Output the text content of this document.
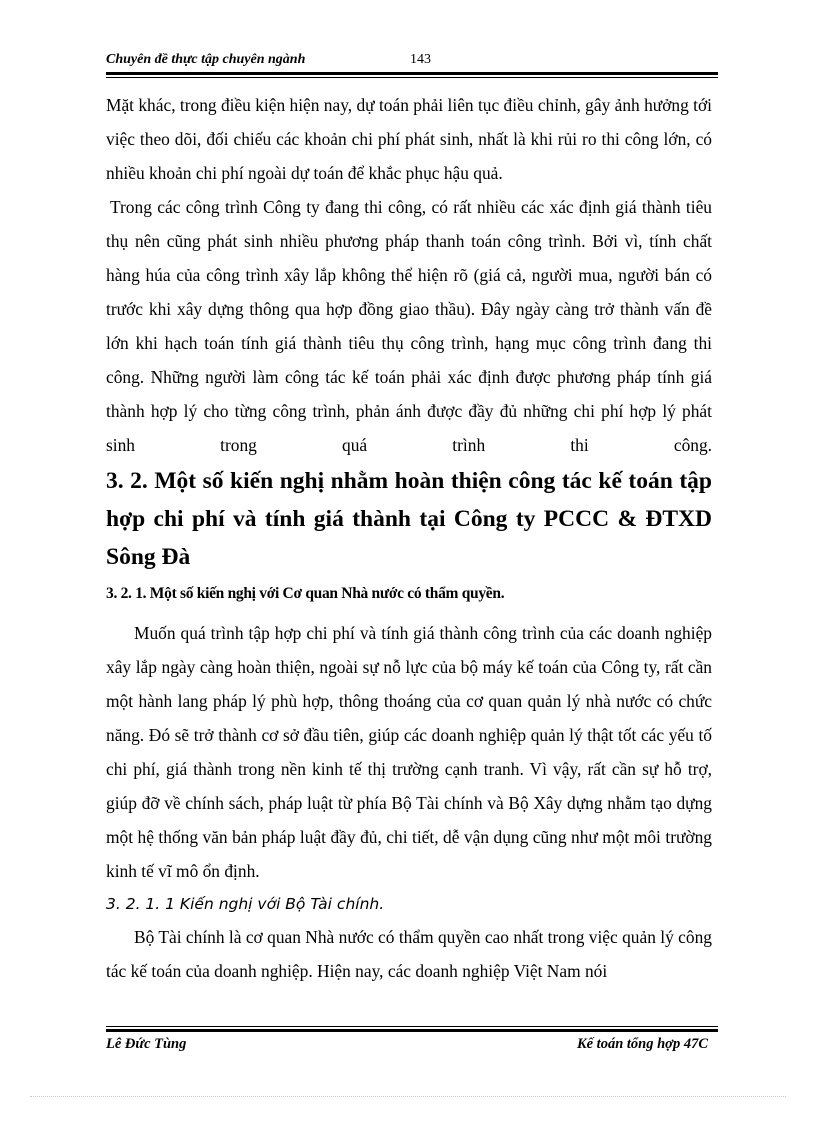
Chuyên đề thực tập chuyên ngành	143

Mặt khác, trong điều kiện hiện nay, dự toán phải liên tục điều chỉnh, gây ảnh hưởng tới việc theo dõi, đối chiếu các khoản chi phí phát sinh, nhất là khi rủi ro thi công lớn, có nhiều khoản chi phí ngoài dự toán để khắc phục hậu quả.

Trong các công trình Công ty đang thi công, có rất nhiều các xác định giá thành tiêu thụ nên cũng phát sinh nhiều phương pháp thanh toán công trình. Bởi vì, tính chất hàng húa của công trình xây lắp không thể hiện rõ (giá cả, người mua, người bán có trước khi xây dựng thông qua hợp đồng giao thầu). Đây ngày càng trở thành vấn đề lớn khi hạch toán tính giá thành tiêu thụ công trình, hạng mục công trình đang thi công. Những người làm công tác kế toán phải xác định được phương pháp tính giá thành hợp lý cho từng công trình, phản ánh được đầy đủ những chi phí hợp lý phát sinh trong quá trình thi công.

3. 2. Một số kiến nghị nhằm hoàn thiện công tác kế toán tập hợp chi phí và tính giá thành tại Công ty PCCC & ĐTXD Sông Đà

3. 2. 1. Một số kiến nghị với Cơ quan Nhà nước có thẩm quyền.

Muốn quá trình tập hợp chi phí và tính giá thành công trình của các doanh nghiệp xây lắp ngày càng hoàn thiện, ngoài sự nỗ lực của bộ máy kế toán của Công ty, rất cần một hành lang pháp lý phù hợp, thông thoáng của cơ quan quản lý nhà nước có chức năng. Đó sẽ trở thành cơ sở đầu tiên, giúp các doanh nghiệp quản lý thật tốt các yếu tố chi phí, giá thành trong nền kinh tế thị trường cạnh tranh. Vì vậy, rất cần sự hỗ trợ, giúp đỡ về chính sách, pháp luật từ phía Bộ Tài chính và Bộ Xây dựng nhằm tạo dựng một hệ thống văn bản pháp luật đầy đủ, chi tiết, dễ vận dụng cũng như một môi trường kinh tế vĩ mô ổn định.

3. 2. 1. 1 Kiến nghị với Bộ Tài chính.

Bộ Tài chính là cơ quan Nhà nước có thẩm quyền cao nhất trong việc quản lý công tác kế toán của doanh nghiệp. Hiện nay, các doanh nghiệp Việt Nam nói

Lê Đức Tùng	Kế toán tổng hợp 47C
